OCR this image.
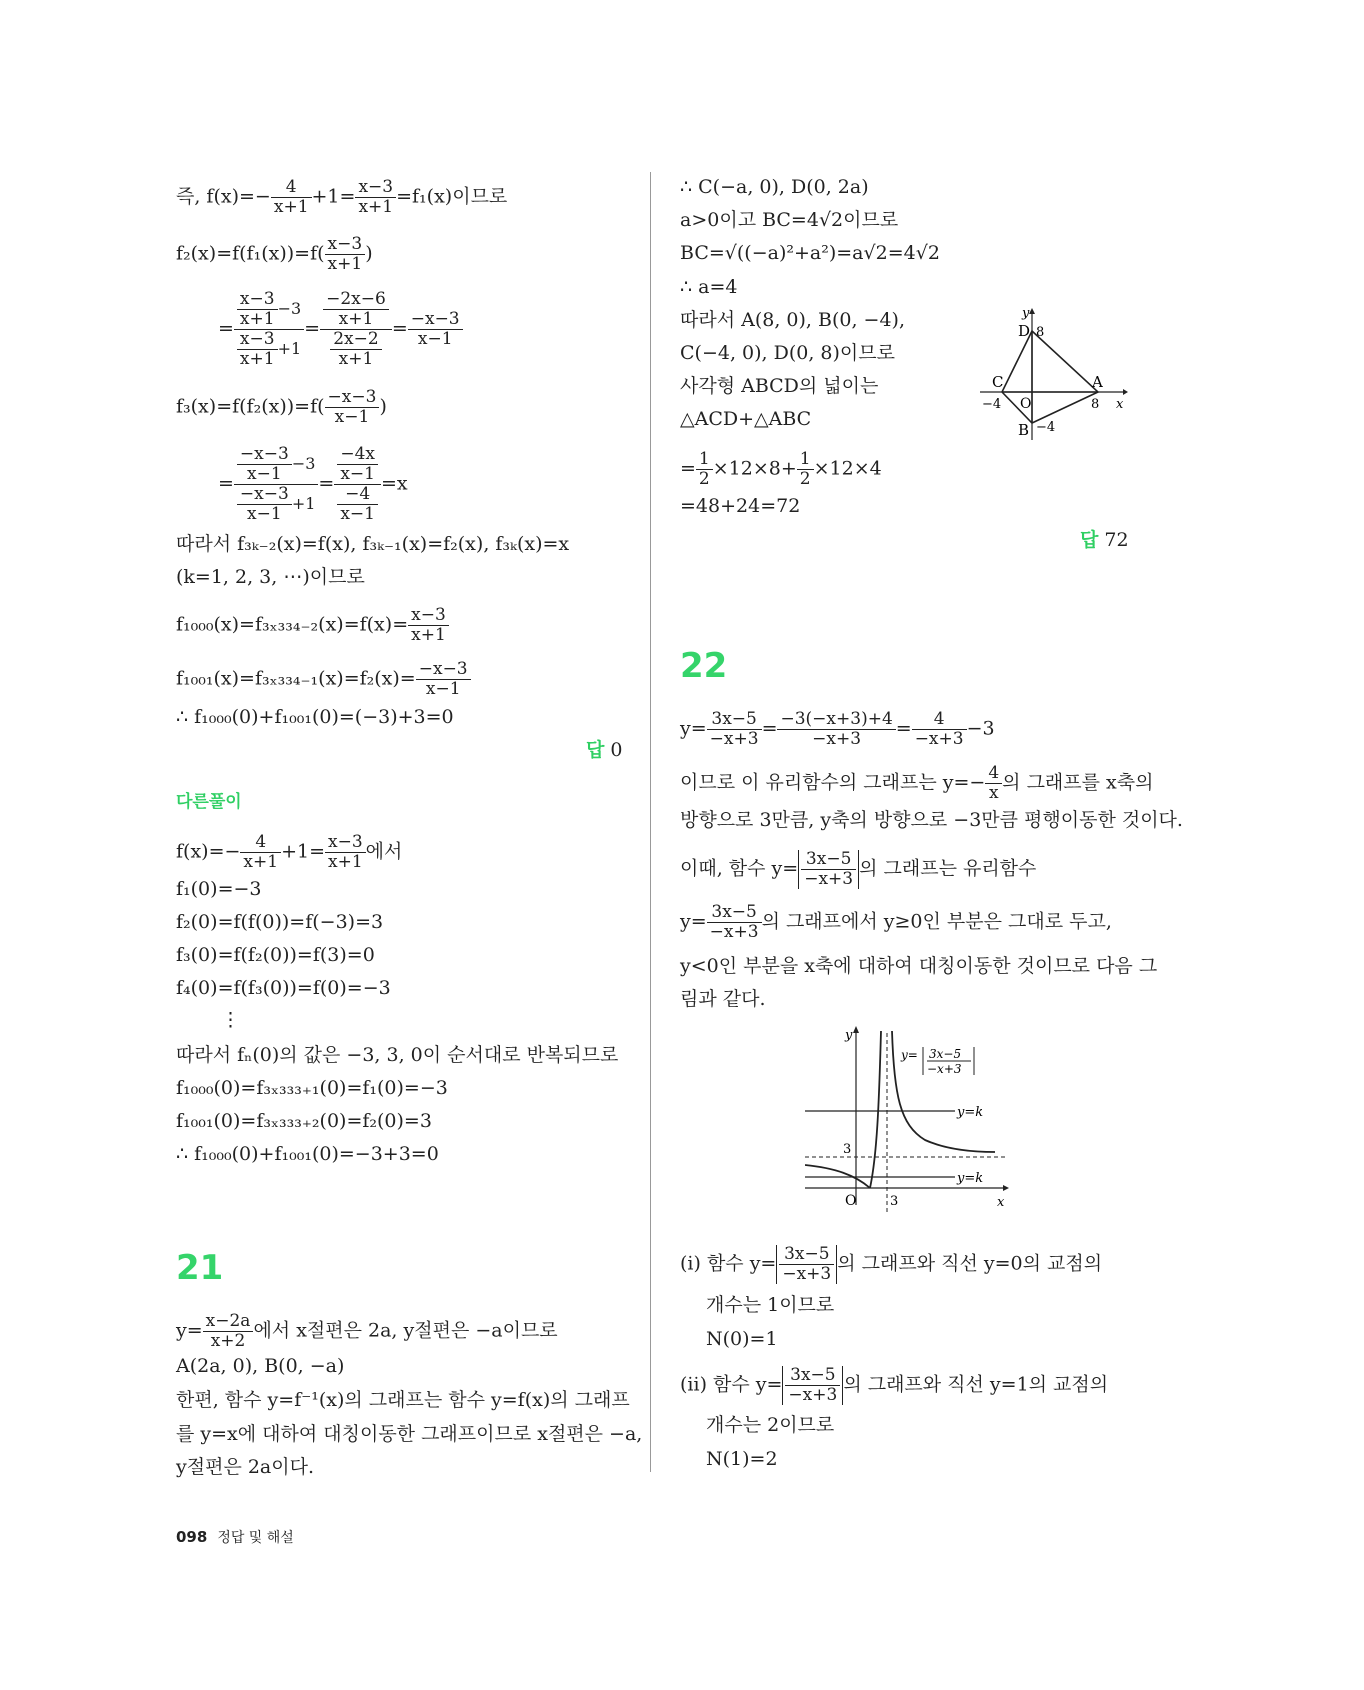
즉, $f(x)=- \frac{4}{x+1} +1= \frac{x-3}{x+1} =f_1(x)$이므로
$f_2(x)=f(f_1(x))=f( \frac{x-3}{x+1}$ )
= $\frac{\frac{x-3}{x+1} -3}{\frac{x-3}{x+1} +1} = \frac{\frac{-2x-6}{x+1}}{\frac{2x-2}{x+1}} = \frac{-x-3}{x-1}$
$f_3(x)=f(f_2(x))=f( \frac{-x-3}{x-1}$ )
= $\frac{\frac{-x-3}{x-1} -3}{\frac{-x-3}{x-1} +1} = \frac{\frac{-4x}{x-1}}{\frac{-4}{x-1}} =x$
따라서 f₃ₖ₋₂(x)=f(x), f₃ₖ₋₁(x)=f₂(x), f₃ₖ(x)=x
(k=1, 2, 3, ⋯)이므로
$f_{1000}(x)=f_{3x334-2}(x)=f(x)= \frac{x-3}{x+1}$
$f_{1001}(x)=f_{3x334-1}(x)=f_2(x)= \frac{-x-3}{x-1}$
∴ f₁₀₀₀(0)+f₁₀₀₁(0)=(−3)+3=0
답 0
다른풀이
$f(x)=- \frac{4}{x+1} +1= \frac{x-3}{x+1}$ 에서
f₁(0)=−3
f₂(0)=f(f(0))=f(−3)=3
f₃(0)=f(f₂(0))=f(3)=0
f₄(0)=f(f₃(0))=f(0)=−3
⋮
따라서 fₙ(0)의 값은 −3, 3, 0이 순서대로 반복되므로
f₁₀₀₀(0)=f₃ₓ₃₃₃₊₁(0)=f₁(0)=−3
f₁₀₀₁(0)=f₃ₓ₃₃₃₊₂(0)=f₂(0)=3
∴ f₁₀₀₀(0)+f₁₀₀₁(0)=−3+3=0
21
$y= \frac{x-2a}{x+2}$ 에서 x절편은 2a, y절편은 −a이므로
A(2a, 0), B(0, −a)
한편, 함수 y=f⁻¹(x)의 그래프는 함수 y=f(x)의 그래프
를 y=x에 대하여 대칭이동한 그래프이므로 x절편은 −a,
y절편은 2a이다.
∴ C(−a, 0), D(0, 2a)
a>0이고 BC=4√2이므로
BC=√((−a)²+a²)=a√2=4√2
∴ a=4
따라서 A(8, 0), B(0, −4),
C(−4, 0), D(0, 8)이므로
사각형 ABCD의 넓이는
△ACD+△ABC
= $\frac{1}{2} \times 12\times 8+ \frac{1}{2} \times 12\times 4$
=48+24=72
답 72
y
D 8
C
−4 O
A
8 x
B −4
22
$y= \frac{3x-5}{-x+3} = \frac{-3(-x+3)+4}{-x+3} = \frac{4}{-x+3} -3$
이므로 이 유리함수의 그래프는 $y=- \frac{4}{x}$ 의 그래프를 x축의
방향으로 3만큼, y축의 방향으로 −3만큼 평행이동한 것이다.
이때, 함수 $y= \frac{3x-5}{-x+3}$ 의 그래프는 유리함수
$y= \frac{3x-5}{-x+3}$ 의 그래프에서 y≥0인 부분은 그대로 두고,
y<0인 부분을 x축에 대하여 대칭이동한 것이므로 다음 그
림과 같다.
y
x
O
3
3
y=k
y=k
y= 3x−5
−x+3
(ⅰ) 함수 $y= \frac{3x-5}{-x+3}$ 의 그래프와 직선 y=0의 교점의
개수는 1이므로
N(0)=1
(ⅱ) 함수 $y= \frac{3x-5}{-x+3}$ 의 그래프와 직선 y=1의 교점의
개수는 2이므로
N(1)=2
098 정답 및 해설
